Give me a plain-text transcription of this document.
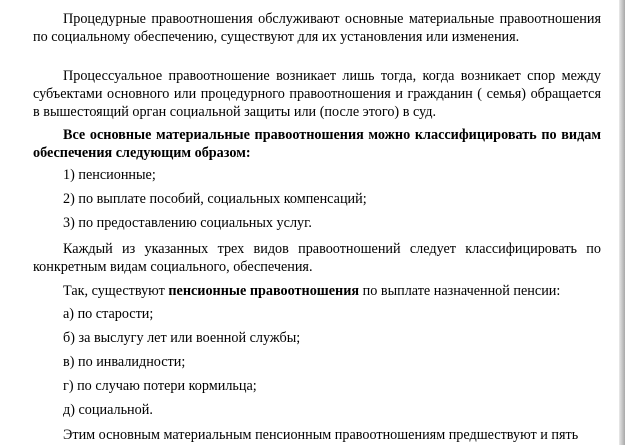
Процедурные правоотношения обслуживают основные материальные правоотношения по социальному обеспечению, существуют для их установления или изменения.

Процессуальное правоотношение возникает лишь тогда, когда возникает спор между субъектами основного или процедурного правоотношения и гражданин ( семья) обращается в вышестоящий орган социальной защиты или (после этого) в суд.

Все основные материальные правоотношения можно классифицировать по видам обеспечения следующим образом:

1) пенсионные;

2) по выплате пособий, социальных компенсаций;

3) по предоставлению социальных услуг.

Каждый из указанных трех видов правоотношений следует классифицировать по конкретным видам социального, обеспечения.

Так, существуют пенсионные правоотношения по выплате назначенной пенсии:

а) по старости;

б) за выслугу лет или военной службы;

в) по инвалидности;

г) по случаю потери кормильца;

д) социальной.

Этим основным материальным пенсионным правоотношениям предшествуют и пять
